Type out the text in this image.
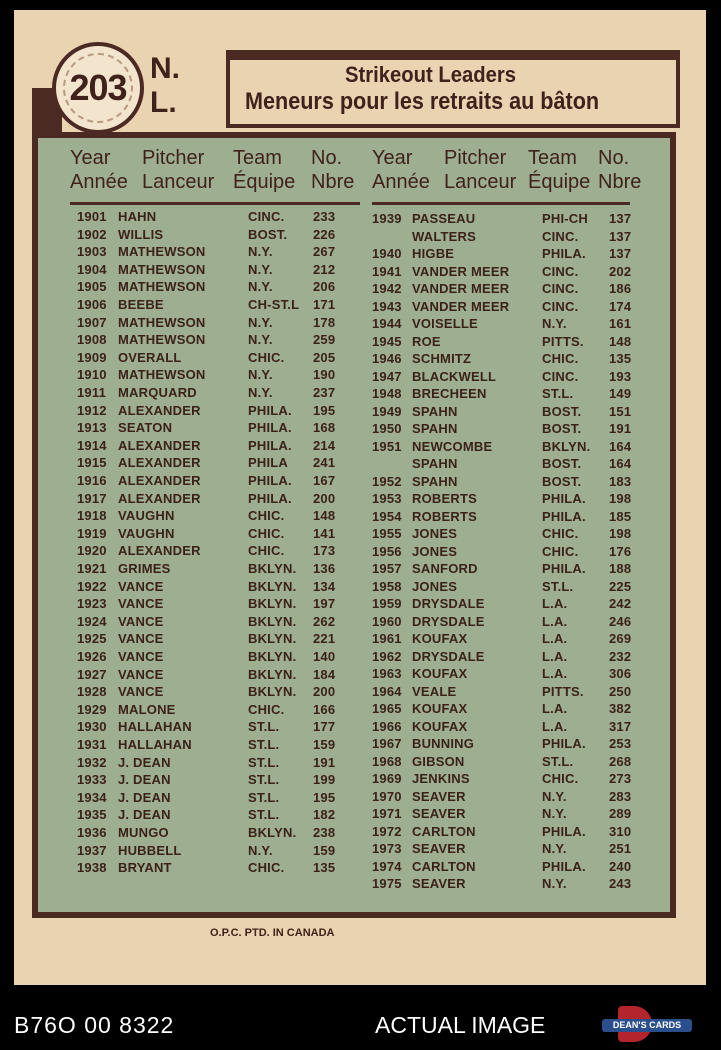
203 N.
L.
Strikeout Leaders
Meneurs pour les retraits au bâton
Year
Année
Pitcher
Lanceur
Team
Équipe
No.
Nbre
Year
Année
Pitcher
Lanceur
Team
Équipe
No.
Nbre
1901 HAHN	CINC. 233
1902 WILLIS	BOST. 226
1903 MATHEWSON	N.Y.	267
1904 MATHEWSON	N.Y.	212
1905 MATHEWSON	N.Y.	206
1906 BEEBE	CH-ST.L 171
1907 MATHEWSON	N.Y.	178
1908 MATHEWSON	N.Y.	259
1909 OVERALL	CHIC. 205
1910 MATHEWSON	N.Y.	190
1911 MARQUARD	N.Y.	237
1912 ALEXANDER	PHILA. 195
1913 SEATON	PHILA. 168
1914 ALEXANDER	PHILA. 214
1915 ALEXANDER	PHILA 241
1916 ALEXANDER	PHILA. 167
1917 ALEXANDER	PHILA. 200
1918 VAUGHN	CHIC. 148
1919 VAUGHN	CHIC. 141
1920 ALEXANDER	CHIC. 173
1921 GRIMES	BKLYN. 136
1922 VANCE	BKLYN. 134
1923 VANCE	BKLYN. 197
1924 VANCE	BKLYN. 262
1925 VANCE	BKLYN. 221
1926 VANCE	BKLYN. 140
1927 VANCE	BKLYN. 184
1928 VANCE	BKLYN. 200
1929 MALONE	CHIC. 166
1930 HALLAHAN	ST.L.	177
1931 HALLAHAN	ST.L.	159
1932 J. DEAN	ST.L.	191
1933 J. DEAN	ST.L.	199
1934 J. DEAN	ST.L.	195
1935 J. DEAN	ST.L.	182
1936 MUNGO	BKLYN. 238
1937 HUBBELL	N.Y.	159
1938 BRYANT	CHIC. 135
1939 PASSEAU	PHI-CH 137
WALTERS	CINC. 137
1940 HIGBE	PHILA. 137
1941 VANDER MEER	CINC. 202
1942 VANDER MEER	CINC. 186
1943 VANDER MEER	CINC. 174
1944 VOISELLE	N.Y.	161
1945 ROE	PITTS. 148
1946 SCHMITZ	CHIC. 135
1947 BLACKWELL	CINC. 193
1948 BRECHEEN	ST.L.	149
1949 SPAHN	BOST. 151
1950 SPAHN	BOST. 191
1951 NEWCOMBE	BKLYN. 164
SPAHN	BOST. 164
1952 SPAHN	BOST. 183
1953 ROBERTS	PHILA. 198
1954 ROBERTS	PHILA. 185
1955 JONES	CHIC. 198
1956 JONES	CHIC. 176
1957 SANFORD	PHILA. 188
1958 JONES	ST.L.	225
1959 DRYSDALE	L.A.	242
1960 DRYSDALE	L.A.	246
1961 KOUFAX	L.A.	269
1962 DRYSDALE	L.A.	232
1963 KOUFAX	L.A.	306
1964 VEALE	PITTS. 250
1965 KOUFAX	L.A.	382
1966 KOUFAX	L.A.	317
1967 BUNNING	PHILA. 253
1968 GIBSON	ST.L.	268
1969 JENKINS	CHIC. 273
1970 SEAVER	N.Y.	283
1971 SEAVER	N.Y.	289
1972 CARLTON	PHILA. 310
1973 SEAVER	N.Y.	251
1974 CARLTON	PHILA. 240
1975 SEAVER	N.Y.	243
O.P.C. PTD. IN CANADA
B76O 00 8322	ACTUAL IMAGE	DEAN'S CARDS
